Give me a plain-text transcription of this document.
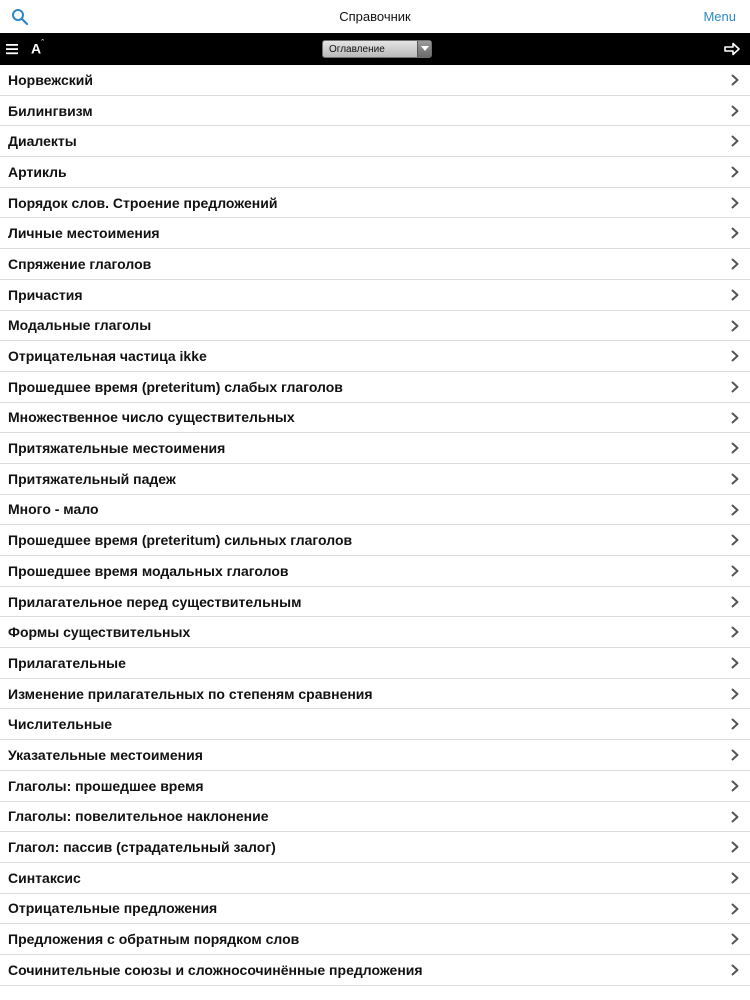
Справочник	Menu
$A^ˆ$
Оглавление
Норвежский
Билингвизм
Диалекты
Артикль
Порядок слов. Строение предложений
Личные местоимения
Спряжение глаголов
Причастия
Модальные глаголы
Отрицательная частица ikke
Прошедшее время (preteritum) слабых глаголов
Множественное число существительных
Притяжательные местоимения
Притяжательный падеж
Много - мало
Прошедшее время (preteritum) сильных глаголов
Прошедшее время модальных глаголов
Прилагательное перед существительным
Формы существительных
Прилагательные
Изменение прилагательных по степеням сравнения
Числительные
Указательные местоимения
Глаголы: прошедшее время
Глаголы: повелительное наклонение
Глагол: пассив (страдательный залог)
Синтаксис
Отрицательные предложения
Предложения с обратным порядком слов
Сочинительные союзы и сложносочинённые предложения
